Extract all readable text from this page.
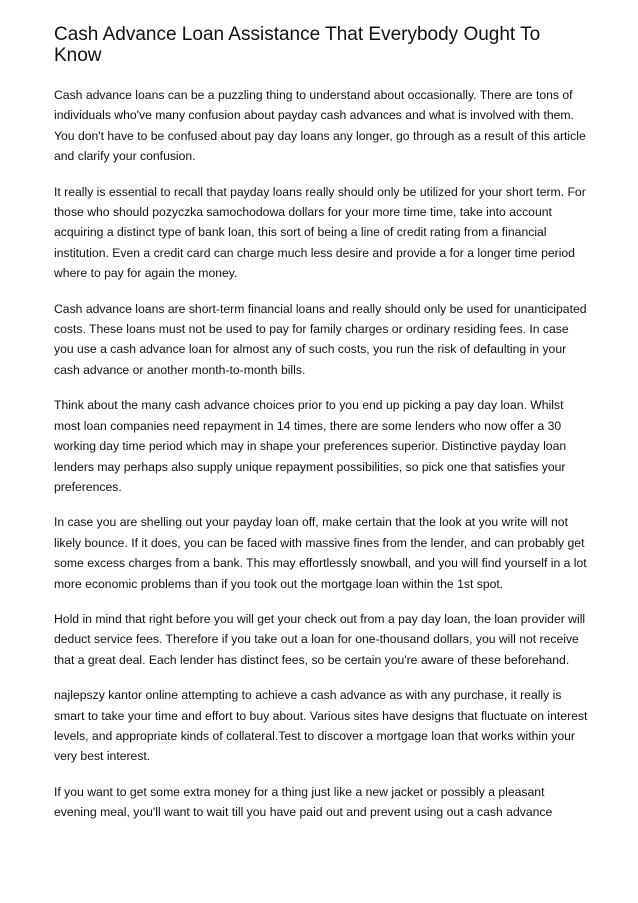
Cash Advance Loan Assistance That Everybody Ought To Know

Cash advance loans can be a puzzling thing to understand about occasionally. There are tons of individuals who've many confusion about payday cash advances and what is involved with them. You don't have to be confused about pay day loans any longer, go through as a result of this article and clarify your confusion.

It really is essential to recall that payday loans really should only be utilized for your short term. For those who should pozyczka samochodowa dollars for your more time time, take into account acquiring a distinct type of bank loan, this sort of being a line of credit rating from a financial institution. Even a credit card can charge much less desire and provide a for a longer time period where to pay for again the money.

Cash advance loans are short-term financial loans and really should only be used for unanticipated costs. These loans must not be used to pay for family charges or ordinary residing fees. In case you use a cash advance loan for almost any of such costs, you run the risk of defaulting in your cash advance or another month-to-month bills.

Think about the many cash advance choices prior to you end up picking a pay day loan. Whilst most loan companies need repayment in 14 times, there are some lenders who now offer a 30 working day time period which may in shape your preferences superior. Distinctive payday loan lenders may perhaps also supply unique repayment possibilities, so pick one that satisfies your preferences.

In case you are shelling out your payday loan off, make certain that the look at you write will not likely bounce. If it does, you can be faced with massive fines from the lender, and can probably get some excess charges from a bank. This may effortlessly snowball, and you will find yourself in a lot more economic problems than if you took out the mortgage loan within the 1st spot.

Hold in mind that right before you will get your check out from a pay day loan, the loan provider will deduct service fees. Therefore if you take out a loan for one-thousand dollars, you will not receive that a great deal. Each lender has distinct fees, so be certain you're aware of these beforehand.

najlepszy kantor online attempting to achieve a cash advance as with any purchase, it really is smart to take your time and effort to buy about. Various sites have designs that fluctuate on interest levels, and appropriate kinds of collateral.Test to discover a mortgage loan that works within your very best interest.

If you want to get some extra money for a thing just like a new jacket or possibly a pleasant evening meal, you'll want to wait till you have paid out and prevent using out a cash advance
